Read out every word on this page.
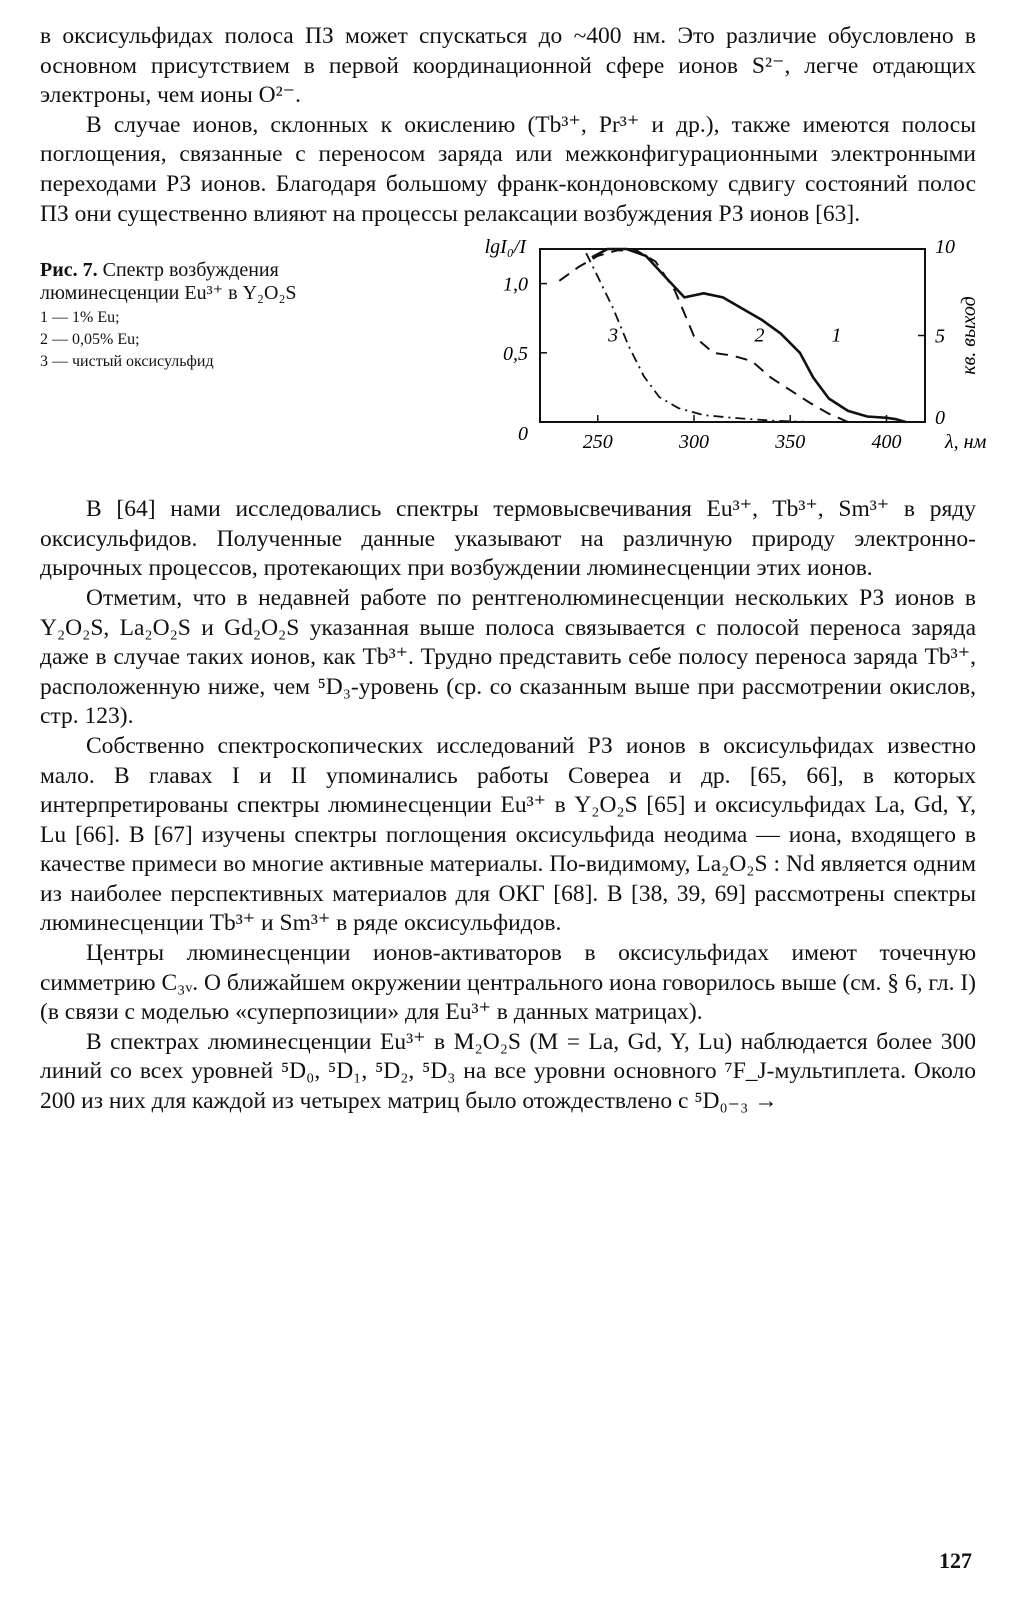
в оксисульфидах полоса ПЗ может спускаться до ~400 нм. Это различие обусловлено в основном присутствием в первой координационной сфере ионов S²⁻, легче отдающих электроны, чем ионы O²⁻.

В случае ионов, склонных к окислению (Tb³⁺, Pr³⁺ и др.), также имеются полосы поглощения, связанные с переносом заряда или межконфигурационными электронными переходами РЗ ионов. Благодаря большому франк-кондоновскому сдвигу состояний полос ПЗ они существенно влияют на процессы релаксации возбуждения РЗ ионов [63].

Рис. 7. Спектр возбуждения люминесценции Eu³⁺ в Y₂O₂S
1 — 1% Eu;
2 — 0,05% Eu;
3 — чистый оксисульфид
250	300	350	400 λ, нм
0
0,5
1,0
lgI₀/I
0
5
10
кв. выход
1
2
3

В [64] нами исследовались спектры термовысвечивания Eu³⁺, Tb³⁺, Sm³⁺ в ряду оксисульфидов. Полученные данные указывают на различную природу электронно-дырочных процессов, протекающих при возбуждении люминесценции этих ионов.

Отметим, что в недавней работе по рентгенолюминесценции нескольких РЗ ионов в Y₂O₂S, La₂O₂S и Gd₂O₂S указанная выше полоса связывается с полосой переноса заряда даже в случае таких ионов, как Tb³⁺. Трудно представить себе полосу переноса заряда Tb³⁺, расположенную ниже, чем ⁵D₃-уровень (ср. со сказанным выше при рассмотрении окислов, стр. 123).

Собственно спектроскопических исследований РЗ ионов в оксисульфидах известно мало. В главах I и II упоминались работы Совереа и др. [65, 66], в которых интерпретированы спектры люминесценции Eu³⁺ в Y₂O₂S [65] и оксисульфидах La, Gd, Y, Lu [66]. В [67] изучены спектры поглощения оксисульфида неодима — иона, входящего в качестве примеси во многие активные материалы. По-видимому, La₂O₂S : Nd является одним из наиболее перспективных материалов для ОКГ [68]. В [38, 39, 69] рассмотрены спектры люминесценции Tb³⁺ и Sm³⁺ в ряде оксисульфидов.

Центры люминесценции ионов-активаторов в оксисульфидах имеют точечную симметрию C₃ᵥ. О ближайшем окружении центрального иона говорилось выше (см. § 6, гл. I) (в связи с моделью «суперпозиции» для Eu³⁺ в данных матрицах).

В спектрах люминесценции Eu³⁺ в M₂O₂S (M = La, Gd, Y, Lu) наблюдается более 300 линий со всех уровней ⁵D₀, ⁵D₁, ⁵D₂, ⁵D₃ на все уровни основного ⁷F_J-мультиплета. Около 200 из них для каждой из четырех матриц было отождествлено с ⁵D₀₋₃ →

127
